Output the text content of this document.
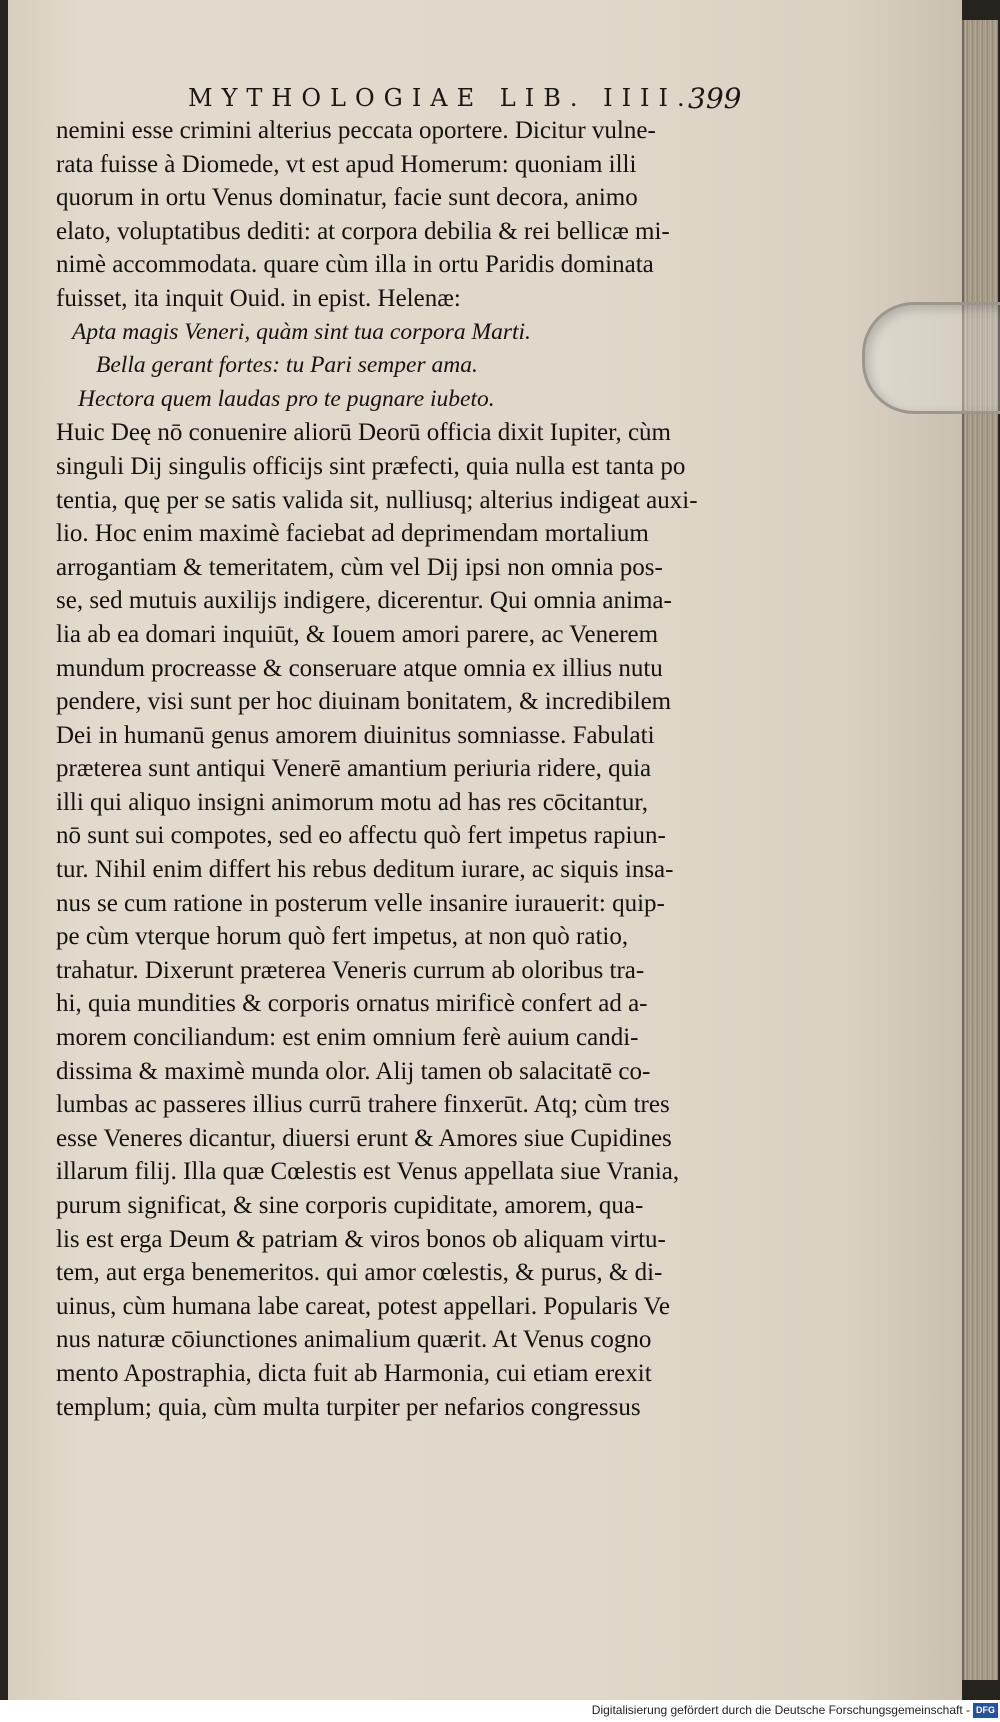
MYTHOLOGIAE LIB. IIII.
399
nemini esse crimini alterius peccata oportere. Dicitur vulne-
rata fuisse à Diomede, vt est apud Homerum: quoniam illi
quorum in ortu Venus dominatur, facie sunt decora, animo
elato, voluptatibus dediti: at corpora debilia & rei bellicæ mi-
nimè accommodata. quare cùm illa in ortu Paridis dominata
fuisset, ita inquit Ouid. in epist. Helenæ:
Apta magis Veneri, quàm sint tua corpora Marti.
Bella gerant fortes: tu Pari semper ama.
Hectora quem laudas pro te pugnare iubeto.
Huic Deę nō conuenire aliorū Deorū officia dixit Iupiter, cùm
singuli Dij singulis officijs sint præfecti, quia nulla est tanta po
tentia, quę per se satis valida sit, nulliusq; alterius indigeat auxi-
lio. Hoc enim maximè faciebat ad deprimendam mortalium
arrogantiam & temeritatem, cùm vel Dij ipsi non omnia pos-
se, sed mutuis auxilijs indigere, dicerentur. Qui omnia anima-
lia ab ea domari inquiūt, & Iouem amori parere, ac Venerem
mundum procreasse & conseruare atque omnia ex illius nutu
pendere, visi sunt per hoc diuinam bonitatem, & incredibilem
Dei in humanū genus amorem diuinitus somniasse. Fabulati
præterea sunt antiqui Venerē amantium periuria ridere, quia
illi qui aliquo insigni animorum motu ad has res cōcitantur,
nō sunt sui compotes, sed eo affectu quò fert impetus rapiun-
tur. Nihil enim differt his rebus deditum iurare, ac siquis insa-
nus se cum ratione in posterum velle insanire iurauerit: quip-
pe cùm vterque horum quò fert impetus, at non quò ratio,
trahatur. Dixerunt præterea Veneris currum ab oloribus tra-
hi, quia mundities & corporis ornatus mirificè confert ad a-
morem conciliandum: est enim omnium ferè auium candi-
dissima & maximè munda olor. Alij tamen ob salacitatē co-
lumbas ac passeres illius currū trahere finxerūt. Atq; cùm tres
esse Veneres dicantur, diuersi erunt & Amores siue Cupidines
illarum filij. Illa quæ Cœlestis est Venus appellata siue Vrania,
purum significat, & sine corporis cupiditate, amorem, qua-
lis est erga Deum & patriam & viros bonos ob aliquam virtu-
tem, aut erga benemeritos. qui amor cœlestis, & purus, & di-
uinus, cùm humana labe careat, potest appellari. Popularis Ve
nus naturæ cōiunctiones animalium quærit. At Venus cogno
mento Apostraphia, dicta fuit ab Harmonia, cui etiam erexit
templum; quia, cùm multa turpiter per nefarios congressus
Digitalisierung gefördert durch die Deutsche Forschungsgemeinschaft - DFG
